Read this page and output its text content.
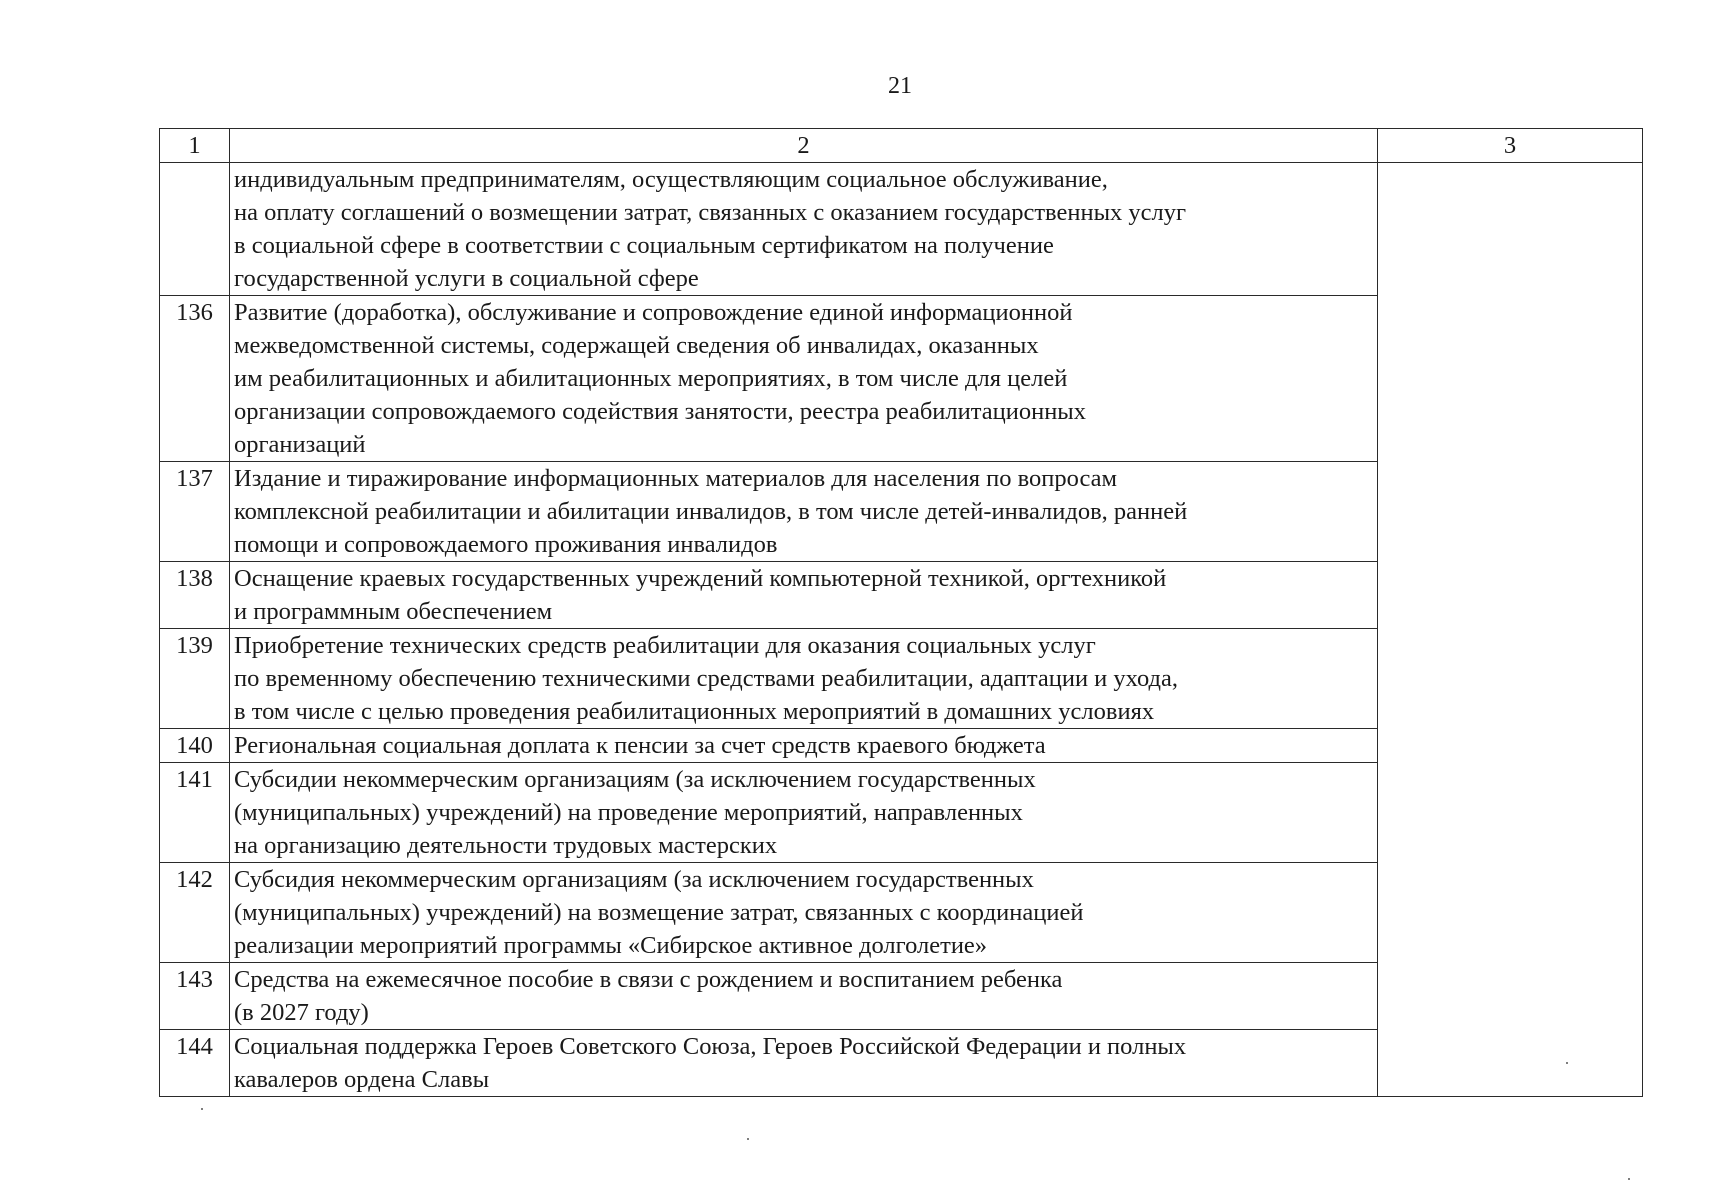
21
1	2	3

	индивидуальным предпринимателям, осуществляющим социальное обслуживание,
на оплату соглашений о возмещении затрат, связанных с оказанием государственных услуг
в социальной сфере в соответствии с социальным сертификатом на получение
государственной услуги в социальной сфере	

136	Развитие (доработка), обслуживание и сопровождение единой информационной
межведомственной системы, содержащей сведения об инвалидах, оказанных
им реабилитационных и абилитационных мероприятиях, в том числе для целей
организации сопровождаемого содействия занятости, реестра реабилитационных
организаций	

137	Издание и тиражирование информационных материалов для населения по вопросам
комплексной реабилитации и абилитации инвалидов, в том числе детей-инвалидов, ранней
помощи и сопровождаемого проживания инвалидов	

138	Оснащение краевых государственных учреждений компьютерной техникой, оргтехникой
и программным обеспечением	

139	Приобретение технических средств реабилитации для оказания социальных услуг
по временному обеспечению техническими средствами реабилитации, адаптации и ухода,
в том числе с целью проведения реабилитационных мероприятий в домашних условиях	

140	Региональная социальная доплата к пенсии за счет средств краевого бюджета	

141	Субсидии некоммерческим организациям (за исключением государственных
(муниципальных) учреждений) на проведение мероприятий, направленных
на организацию деятельности трудовых мастерских	

142	Субсидия некоммерческим организациям (за исключением государственных
(муниципальных) учреждений) на возмещение затрат, связанных с координацией
реализации мероприятий программы «Сибирское активное долголетие»	

143	Средства на ежемесячное пособие в связи с рождением и воспитанием ребенка
(в 2027 году)	

144	Социальная поддержка Героев Советского Союза, Героев Российской Федерации и полных
кавалеров ордена Славы	
